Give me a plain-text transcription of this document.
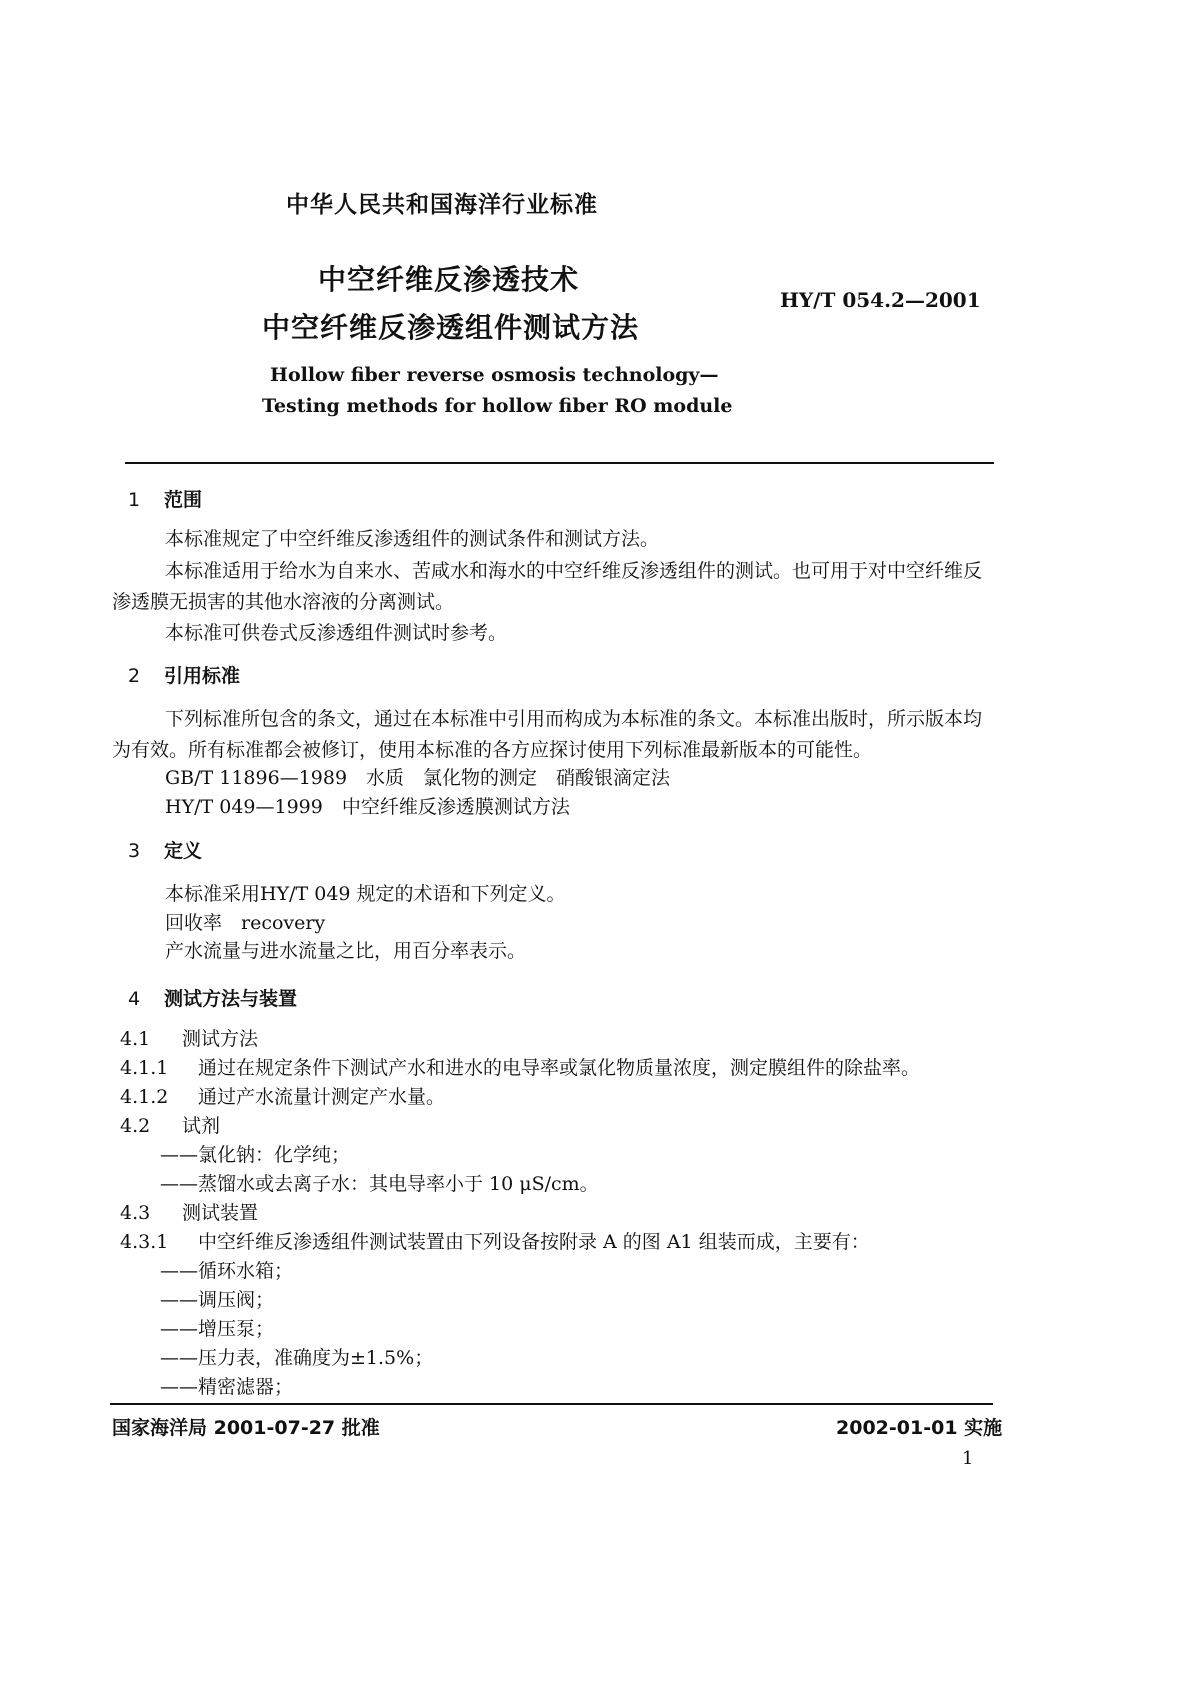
中华人民共和国海洋行业标准
中空纤维反渗透技术
中空纤维反渗透组件测试方法
HY/T 054.2—2001
Hollow fiber reverse osmosis technology—
Testing methods for hollow fiber RO module
1 范围
本标准规定了中空纤维反渗透组件的测试条件和测试方法。
本标准适用于给水为自来水、苦咸水和海水的中空纤维反渗透组件的测试。也可用于对中空纤维反
渗透膜无损害的其他水溶液的分离测试。
本标准可供卷式反渗透组件测试时参考。
2 引用标准
下列标准所包含的条文，通过在本标准中引用而构成为本标准的条文。本标准出版时，所示版本均
为有效。所有标准都会被修订，使用本标准的各方应探讨使用下列标准最新版本的可能性。
GB/T 11896—1989　水质　氯化物的测定　硝酸银滴定法
HY/T 049—1999　中空纤维反渗透膜测试方法
3 定义
本标准采用HY/T 049 规定的术语和下列定义。
回收率　recovery
产水流量与进水流量之比，用百分率表示。
4 测试方法与装置
4.1 测试方法
4.1.1 通过在规定条件下测试产水和进水的电导率或氯化物质量浓度，测定膜组件的除盐率。
4.1.2 通过产水流量计测定产水量。
4.2 试剂
——氯化钠：化学纯；
——蒸馏水或去离子水：其电导率小于 10 μS/cm。
4.3 测试装置
4.3.1 中空纤维反渗透组件测试装置由下列设备按附录 A 的图 A1 组装而成，主要有：
——循环水箱；
——调压阀；
——增压泵；
——压力表，准确度为±1.5%；
——精密滤器；
国家海洋局 2001-07-27 批准	2002-01-01 实施
1
